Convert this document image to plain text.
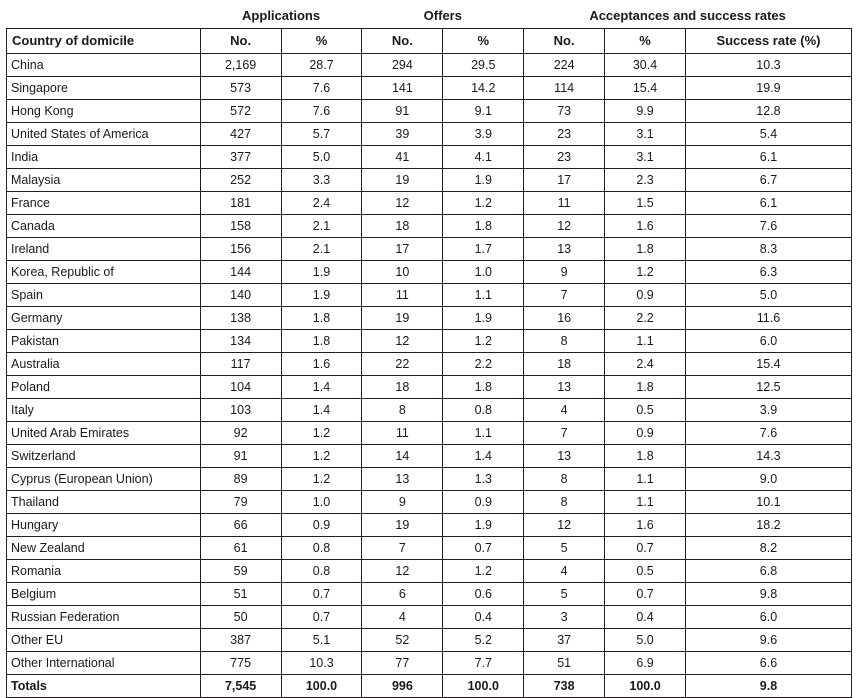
	Applications		Offers		Acceptances and success rates		
Country of domicile	No.	%	No.	%	No.	%	Success rate (%)
China	2,169	28.7	294	29.5	224	30.4	10.3
Singapore	573	7.6	141	14.2	114	15.4	19.9
Hong Kong	572	7.6	91	9.1	73	9.9	12.8
United States of America	427	5.7	39	3.9	23	3.1	5.4
India	377	5.0	41	4.1	23	3.1	6.1
Malaysia	252	3.3	19	1.9	17	2.3	6.7
France	181	2.4	12	1.2	11	1.5	6.1
Canada	158	2.1	18	1.8	12	1.6	7.6
Ireland	156	2.1	17	1.7	13	1.8	8.3
Korea, Republic of	144	1.9	10	1.0	9	1.2	6.3
Spain	140	1.9	11	1.1	7	0.9	5.0
Germany	138	1.8	19	1.9	16	2.2	11.6
Pakistan	134	1.8	12	1.2	8	1.1	6.0
Australia	117	1.6	22	2.2	18	2.4	15.4
Poland	104	1.4	18	1.8	13	1.8	12.5
Italy	103	1.4	8	0.8	4	0.5	3.9
United Arab Emirates	92	1.2	11	1.1	7	0.9	7.6
Switzerland	91	1.2	14	1.4	13	1.8	14.3
Cyprus (European Union)	89	1.2	13	1.3	8	1.1	9.0
Thailand	79	1.0	9	0.9	8	1.1	10.1
Hungary	66	0.9	19	1.9	12	1.6	18.2
New Zealand	61	0.8	7	0.7	5	0.7	8.2
Romania	59	0.8	12	1.2	4	0.5	6.8
Belgium	51	0.7	6	0.6	5	0.7	9.8
Russian Federation	50	0.7	4	0.4	3	0.4	6.0
Other EU	387	5.1	52	5.2	37	5.0	9.6
Other International	775	10.3	77	7.7	51	6.9	6.6
Totals	7,545	100.0	996	100.0	738	100.0	9.8
